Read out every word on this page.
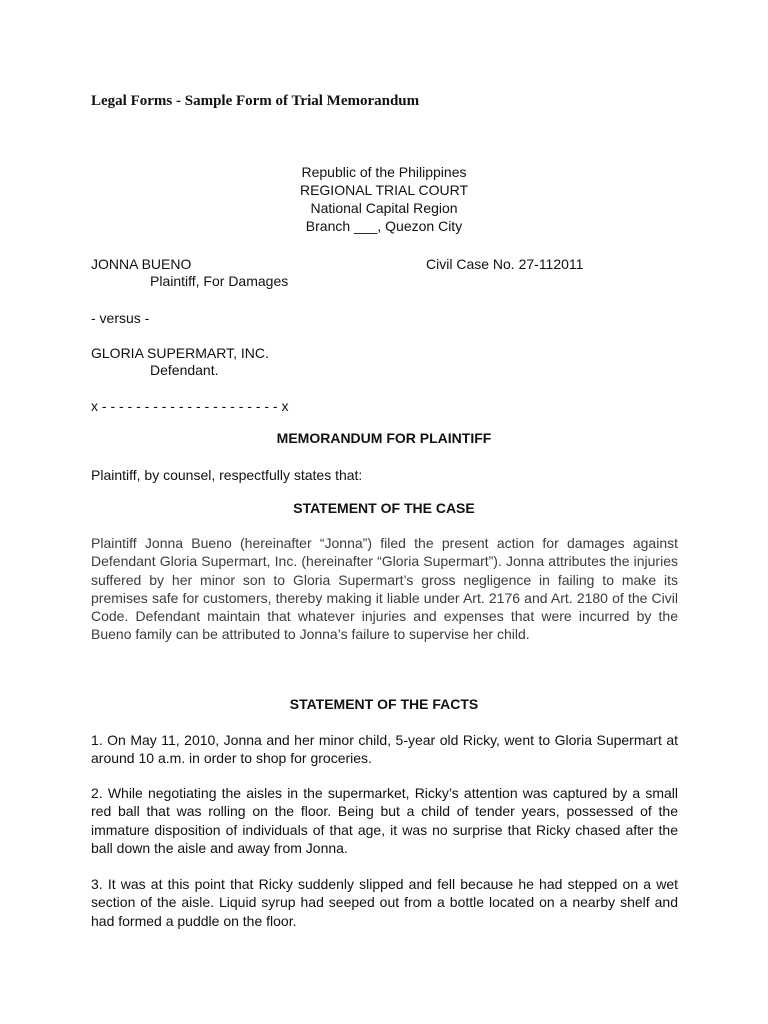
Legal Forms - Sample Form of Trial Memorandum
Republic of the Philippines
REGIONAL TRIAL COURT
National Capital Region
Branch ___, Quezon City
JONNA BUENO	Civil Case No. 27-112011
Plaintiff, For Damages
- versus -
GLORIA SUPERMART, INC.
Defendant.
x - - - - - - - - - - - - - - - - - - - - - x
MEMORANDUM FOR PLAINTIFF
Plaintiff, by counsel, respectfully states that:
STATEMENT OF THE CASE
Plaintiff Jonna Bueno (hereinafter “Jonna”) filed the present action for damages against Defendant Gloria Supermart, Inc. (hereinafter “Gloria Supermart”). Jonna attributes the injuries suffered by her minor son to Gloria Supermart’s gross negligence in failing to make its premises safe for customers, thereby making it liable under Art. 2176 and Art. 2180 of the Civil Code. Defendant maintain that whatever injuries and expenses that were incurred by the Bueno family can be attributed to Jonna’s failure to supervise her child.
STATEMENT OF THE FACTS
1. On May 11, 2010, Jonna and her minor child, 5-year old Ricky, went to Gloria Supermart at around 10 a.m. in order to shop for groceries.
2. While negotiating the aisles in the supermarket, Ricky’s attention was captured by a small red ball that was rolling on the floor. Being but a child of tender years, possessed of the immature disposition of individuals of that age, it was no surprise that Ricky chased after the ball down the aisle and away from Jonna.
3. It was at this point that Ricky suddenly slipped and fell because he had stepped on a wet section of the aisle. Liquid syrup had seeped out from a bottle located on a nearby shelf and had formed a puddle on the floor.
